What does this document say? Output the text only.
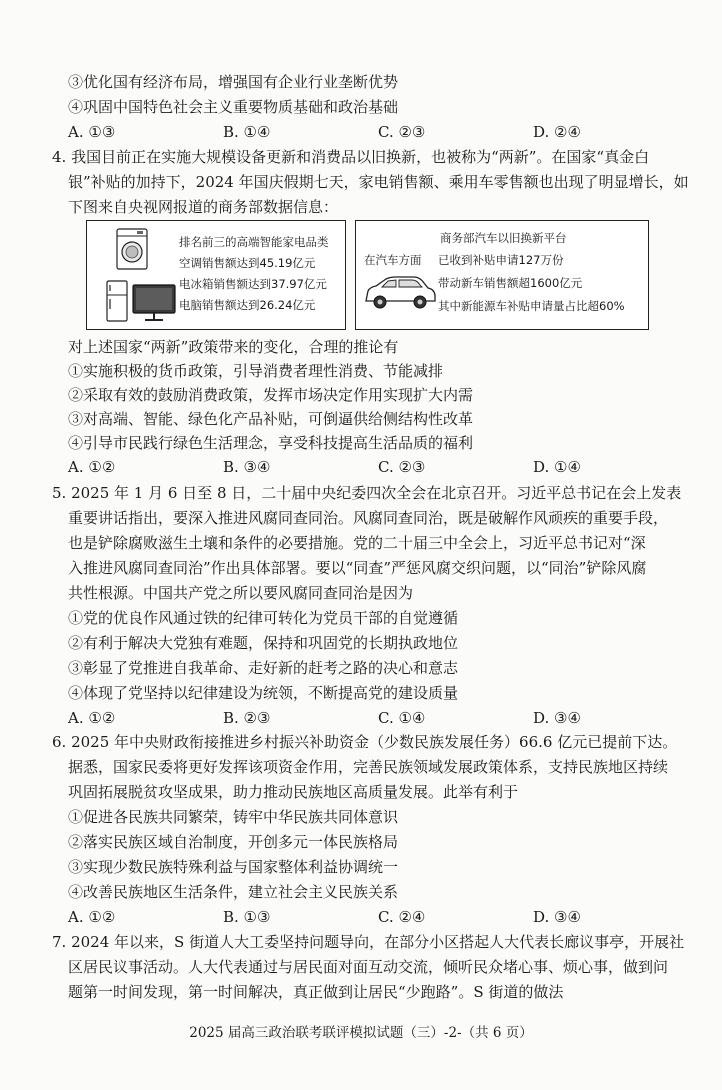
③优化国有经济布局，增强国有企业行业垄断优势
④巩固中国特色社会主义重要物质基础和政治基础
A. ①③	B. ①④	C. ②③	D. ②④
4. 我国目前正在实施大规模设备更新和消费品以旧换新，也被称为“两新”。在国家“真金白
银”补贴的加持下，2024 年国庆假期七天，家电销售额、乘用车零售额也出现了明显增长，如
下图来自央视网报道的商务部数据信息：
排名前三的高端智能家电品类
空调销售额达到45.19亿元
电冰箱销售额达到37.97亿元
电脑销售额达到26.24亿元
商务部汽车以旧换新平台
在汽车方面 已收到补贴申请127万份
带动新车销售额超1600亿元
其中新能源车补贴申请量占比超60%
对上述国家“两新”政策带来的变化，合理的推论有
①实施积极的货币政策，引导消费者理性消费、节能减排
②采取有效的鼓励消费政策，发挥市场决定作用实现扩大内需
③对高端、智能、绿色化产品补贴，可倒逼供给侧结构性改革
④引导市民践行绿色生活理念，享受科技提高生活品质的福利
A. ①②	B. ③④	C. ②③	D. ①④
5. 2025 年 1 月 6 日至 8 日，二十届中央纪委四次全会在北京召开。习近平总书记在会上发表
重要讲话指出，要深入推进风腐同查同治。风腐同查同治，既是破解作风顽疾的重要手段，
也是铲除腐败滋生土壤和条件的必要措施。党的二十届三中全会上，习近平总书记对“深
入推进风腐同查同治”作出具体部署。要以“同查”严惩风腐交织问题，以“同治”铲除风腐
共性根源。中国共产党之所以要风腐同查同治是因为
①党的优良作风通过铁的纪律可转化为党员干部的自觉遵循
②有利于解决大党独有难题，保持和巩固党的长期执政地位
③彰显了党推进自我革命、走好新的赶考之路的决心和意志
④体现了党坚持以纪律建设为统领，不断提高党的建设质量
A. ①②	B. ②③	C. ①④	D. ③④
6. 2025 年中央财政衔接推进乡村振兴补助资金（少数民族发展任务）66.6 亿元已提前下达。
据悉，国家民委将更好发挥该项资金作用，完善民族领域发展政策体系，支持民族地区持续
巩固拓展脱贫攻坚成果，助力推动民族地区高质量发展。此举有利于
①促进各民族共同繁荣，铸牢中华民族共同体意识
②落实民族区域自治制度，开创多元一体民族格局
③实现少数民族特殊利益与国家整体利益协调统一
④改善民族地区生活条件，建立社会主义民族关系
A. ①②	B. ①③	C. ②④	D. ③④
7. 2024 年以来，S 街道人大工委坚持问题导向，在部分小区搭起人大代表长廊议事亭，开展社
区居民议事活动。人大代表通过与居民面对面互动交流，倾听民众堵心事、烦心事，做到问
题第一时间发现，第一时间解决，真正做到让居民“少跑路”。S 街道的做法
2025 届高三政治联考联评模拟试题（三）-2-（共 6 页）
